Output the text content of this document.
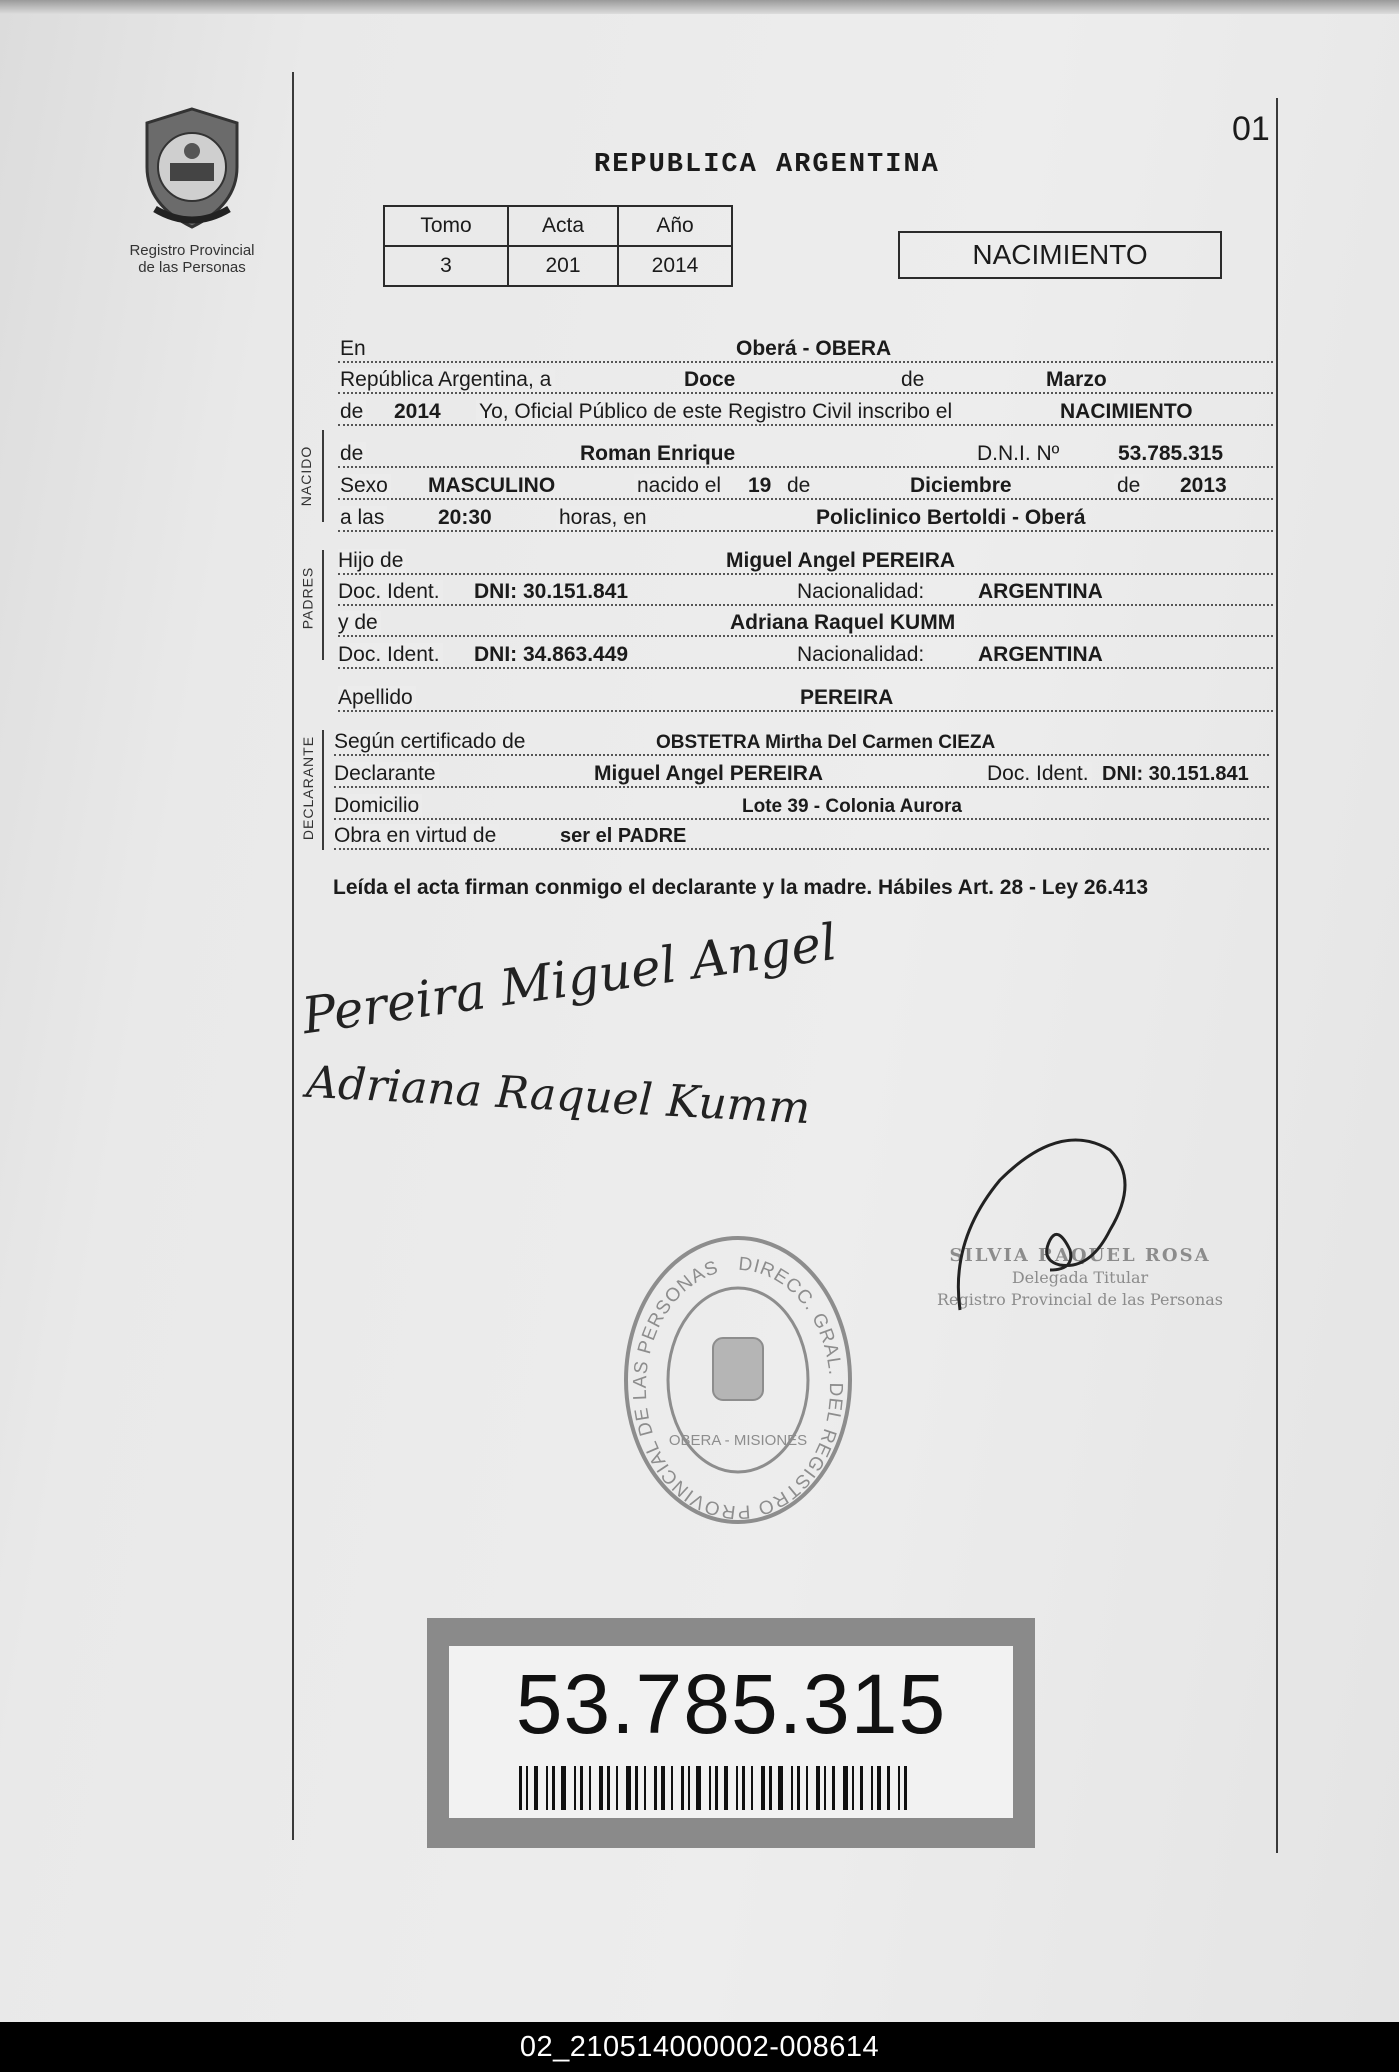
Registro Provincial
de las Personas
REPUBLICA ARGENTINA
01
Tomo	Acta	Año
3	201	2014	NACIMIENTO
NACIDO
PADRES
DECLARANTE
En	Oberá - OBERA
República Argentina, a	Doce	de	Marzo
de 2014 Yo, Oficial Público de este Registro Civil inscribo el	NACIMIENTO
de	Roman Enrique	D.N.I. Nº	53.785.315
Sexo MASCULINO	nacido el 19 de	Diciembre	de 2013
a las	20:30	horas, en	Policlinico Bertoldi - Oberá
Hijo de	Miguel Angel PEREIRA
Doc. Ident. DNI: 30.151.841	Nacionalidad:	ARGENTINA
y de	Adriana Raquel KUMM
Doc. Ident. DNI: 34.863.449	Nacionalidad:	ARGENTINA
Apellido	PEREIRA
Según certificado de	OBSTETRA Mirtha Del Carmen CIEZA
Declarante	Miguel Angel PEREIRA	Doc. Ident. DNI: 30.151.841
Domicilio	Lote 39 - Colonia Aurora
Obra en virtud de	ser el PADRE
Leída el acta firman conmigo el declarante y la madre. Hábiles Art. 28 - Ley 26.413
Pereira Miguel Angel
Adriana Raquel Kumm
SILVIA RAQUEL ROSA
Delegada Titular
Registro Provincial de las Personas
DIRECC. GRAL. DEL REGISTRO PROVINCIAL DE LAS PERSONAS
OBERA - MISIONES
53.785.315
02_210514000002-008614
